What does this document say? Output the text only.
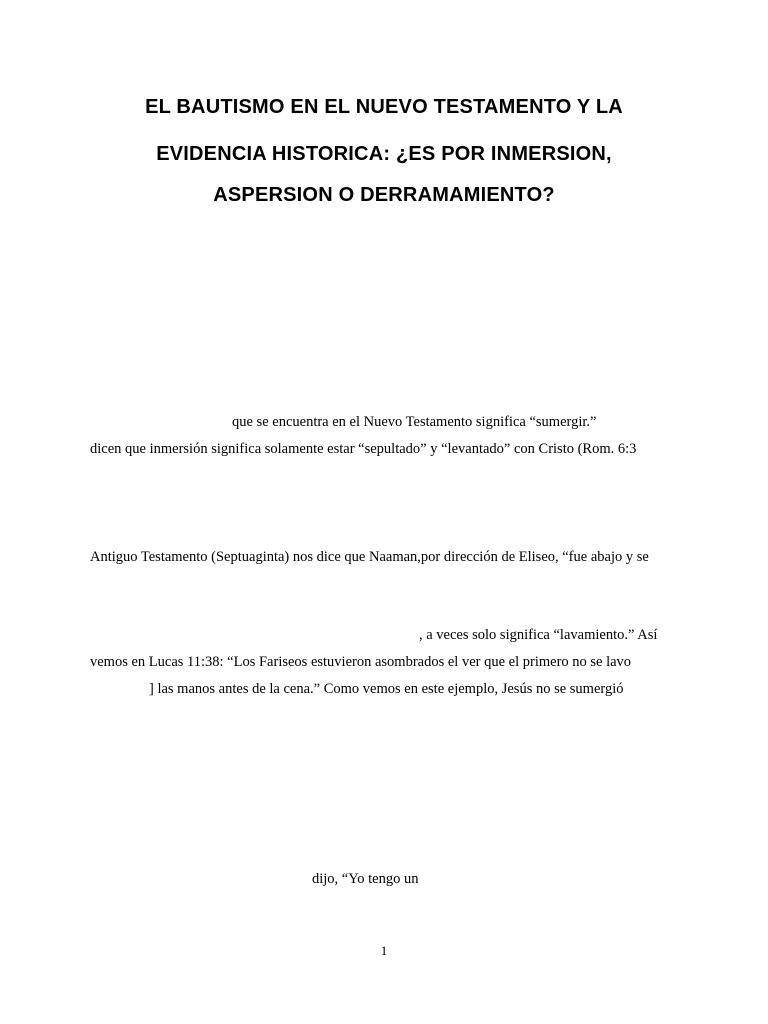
EL BAUTISMO EN EL NUEVO TESTAMENTO Y LA
EVIDENCIA HISTORICA: ¿ES POR INMERSION,
ASPERSION O DERRAMAMIENTO?
que se encuentra en el Nuevo Testamento significa “sumergir.”
dicen que inmersión significa solamente estar “sepultado” y “levantado” con Cristo (Rom. 6:3
Antiguo Testamento (Septuaginta) nos dice que Naaman,por dirección de Eliseo, “fue abajo y se
, a veces solo significa “lavamiento.” Así
vemos en Lucas 11:38: “Los Fariseos estuvieron asombrados el ver que el primero no se lavo
] las manos antes de la cena.” Como vemos en este ejemplo, Jesús no se sumergió
dijo, “Yo tengo un
1
